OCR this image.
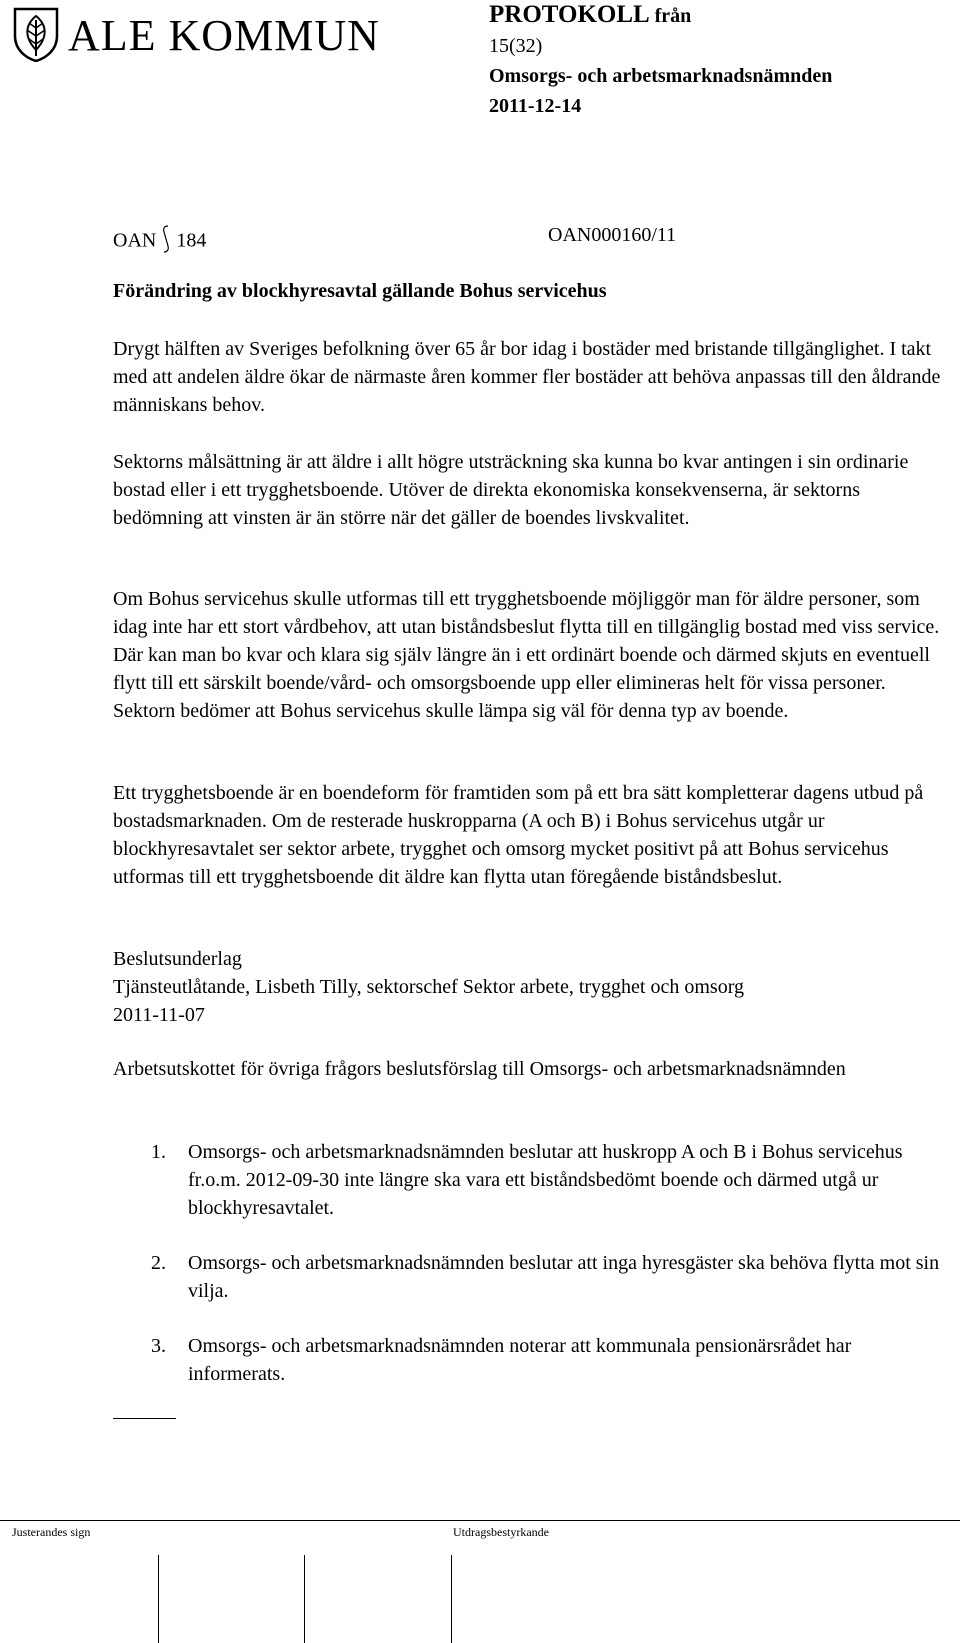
ALE KOMMUN	PROTOKOLL från
15(32)
Omsorgs- och arbetsmarknadsnämnden
2011-12-14
OAN 184	OAN000160/11
Förändring av blockhyresavtal gällande Bohus servicehus
Drygt hälften av Sveriges befolkning över 65 år bor idag i bostäder med bristande tillgänglighet. I takt med att andelen äldre ökar de närmaste åren kommer fler bostäder att behöva anpassas till den åldrande människans behov.
Sektorns målsättning är att äldre i allt högre utsträckning ska kunna bo kvar antingen i sin ordinarie bostad eller i ett trygghetsboende. Utöver de direkta ekonomiska konsekvenserna, är sektorns bedömning att vinsten är än större när det gäller de boendes livskvalitet.
Om Bohus servicehus skulle utformas till ett trygghetsboende möjliggör man för äldre personer, som idag inte har ett stort vårdbehov, att utan biståndsbeslut flytta till en tillgänglig bostad med viss service. Där kan man bo kvar och klara sig själv längre än i ett ordinärt boende och därmed skjuts en eventuell flytt till ett särskilt boende/vård- och omsorgsboende upp eller elimineras helt för vissa personer. Sektorn bedömer att Bohus servicehus skulle lämpa sig väl för denna typ av boende.
Ett trygghetsboende är en boendeform för framtiden som på ett bra sätt kompletterar dagens utbud på bostadsmarknaden. Om de resterade huskropparna (A och B) i Bohus servicehus utgår ur blockhyresavtalet ser sektor arbete, trygghet och omsorg mycket positivt på att Bohus servicehus utformas till ett trygghetsboende dit äldre kan flytta utan föregående biståndsbeslut.
Beslutsunderlag
Tjänsteutlåtande, Lisbeth Tilly, sektorschef Sektor arbete, trygghet och omsorg
2011-11-07
Arbetsutskottet för övriga frågors beslutsförslag till Omsorgs- och arbetsmarknadsnämnden
1. Omsorgs- och arbetsmarknadsnämnden beslutar att huskropp A och B i Bohus servicehus fr.o.m. 2012-09-30 inte längre ska vara ett biståndsbedömt boende och därmed utgå ur blockhyresavtalet.
2. Omsorgs- och arbetsmarknadsnämnden beslutar att inga hyresgäster ska behöva flytta mot sin vilja.
3. Omsorgs- och arbetsmarknadsnämnden noterar att kommunala pensionärsrådet har informerats.
Justerandes sign	Utdragsbestyrkande
